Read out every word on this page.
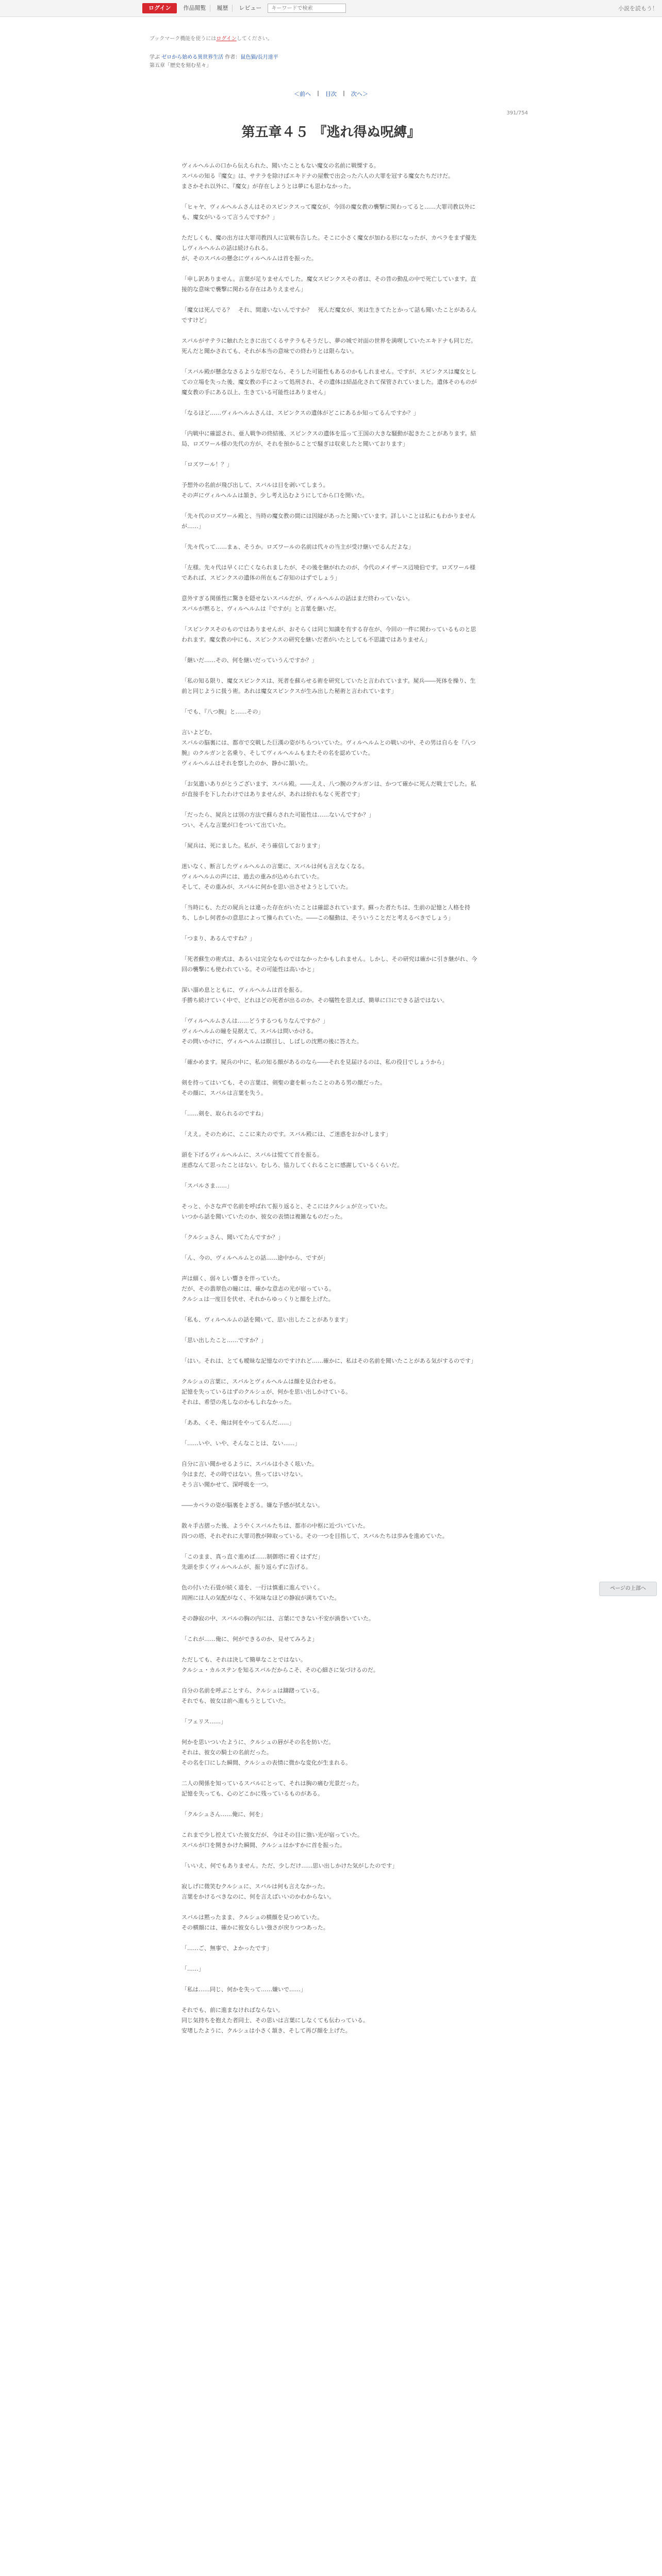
ログイン	作品閲覧	履歴	レビュー
キーワードで検索	小説を読もう！
ブックマーク機能を使うにはログインしてください。
学ぶ ゼロから始める異世界生活 作者：鼠色猫/長月達平
第五章「歴史を刻む星々」
＜前へ | 目次 | 次へ＞
391/754
第五章４５ 『逃れ得ぬ呪縛』

ヴィルヘルムの口から伝えられた、聞いたこともない魔女の名前に戦慄する。
スバルの知る『魔女』は、サテラを除けばエキドナの屋敷で出会った六人の大罪を冠する魔女たちだけだ。
まさかそれ以外に、『魔女』が存在しようとは夢にも思わなかった。

「ヒャヤ、ヴィルヘルムさんはそのスピンクスって魔女が、今回の魔女教の襲撃に関わってると……大罪司教以外にも、魔女がいるって言うんですか？」

ただしくも、魔の出方は大罪司教四人に宣戦布告した。そこに小さく魔女が加わる形になったが、カペラをまず優先しヴィルヘルムの話は続けられる。
が、そのスバルの懸念にヴィルヘルムは首を振った。

「申し訳ありません。言葉が足りませんでした。魔女スピンクスその者は、その昔の動乱の中で死亡しています。直接的な意味で襲撃に関わる存在はありえません」

「魔女は死んでる？　それ、間違いないんですか？　死んだ魔女が、実は生きてたとかって話も聞いたことがあるんですけど」

スバルがサテラに触れたときに出てくるサテラもそうだし、夢の城で対面の世界を満喫していたエキドナも同じだ。
死んだと聞かされても、それが本当の意味での終わりとは限らない。

「スバル殿が懸念なさるような形でなら、そうした可能性もあるのかもしれません。ですが、スピンクスは魔女としての立場を失った後、魔女教の手によって処刑され、その遺体は結晶化されて保管されていました。遺体そのものが魔女教の手にある以上、生きている可能性はありません」

「なるほど……ヴィルヘルムさんは、スピンクスの遺体がどこにあるか知ってるんですか？」

「内戦中に確認され、亜人戦争の終結後、スピンクスの遺体を巡って王国の大きな騒動が起きたことがあります。結局、ロズワール様の先代の方が、それを預かることで騒ぎは収束したと聞いております」

「ロズワール！？」

予想外の名前が飛び出して、スバルは目を剥いてしまう。
その声にヴィルヘルムは頷き、少し考え込むようにしてから口を開いた。

「先々代のロズワール殿と、当時の魔女教の間には因縁があったと聞いています。詳しいことは私にもわかりませんが……」

「先々代って……まぁ、そうか。ロズワールの名前は代々の当主が受け継いでるんだよな」

「左様。先々代は早くに亡くなられましたが、その後を継がれたのが、今代のメイザース辺境伯です。ロズワール様であれば、スピンクスの遺体の所在もご存知のはずでしょう」

意外すぎる関係性に驚きを隠せないスバルだが、ヴィルヘルムの話はまだ終わっていない。
スバルが黙ると、ヴィルヘルムは『ですが』と言葉を継いだ。

「スピンクスそのものではありませんが、おそらくは同じ知識を有する存在が、今回の一件に関わっているものと思われます。魔女教の中にも、スピンクスの研究を継いだ者がいたとしても不思議ではありません」

「継いだ……その、何を継いだっていうんですか？」

「私の知る限り、魔女スピンクスは、死者を蘇らせる術を研究していたと言われています。屍兵――死体を操り、生前と同じように扱う術。あれは魔女スピンクスが生み出した秘術と言われています」

「でも、『八つ腕』と……その」

言いよどむ。
スバルの脳裏には、都市で交戦した巨漢の姿がちらついていた。ヴィルヘルムとの戦いの中、その男は自らを『八つ腕』のクルガンと名乗り、そしてヴィルヘルムもまたその名を認めていた。
ヴィルヘルムはそれを察したのか、静かに頷いた。

「お気遣いありがとうございます、スバル殿。――ええ、八つ腕のクルガンは、かつて確かに死んだ戦士でした。私が直接手を下したわけではありませんが、あれは紛れもなく死者です」

「だったら、屍兵とは別の方法で蘇らされた可能性は……ないんですか？」
つい、そんな言葉が口をついて出ていた。

「屍兵は、死にました。私が、そう確信しております」

迷いなく、断言したヴィルヘルムの言葉に、スバルは何も言えなくなる。
ヴィルヘルムの声には、過去の重みが込められていた。
そして、その重みが、スバルに何かを思い出させようとしていた。

「当時にも、ただの屍兵とは違った存在がいたことは確認されています。蘇った者たちは、生前の記憶と人格を持ち、しかし何者かの意思によって操られていた。――この騒動は、そういうことだと考えるべきでしょう」

「つまり、あるんですね？」

「死者蘇生の術式は、あるいは完全なものではなかったかもしれません。しかし、その研究は確かに引き継がれ、今回の襲撃にも使われている。その可能性は高いかと」

深い溜め息とともに、ヴィルヘルムは首を振る。
手勝ち続けていく中で、どれほどの死者が出るのか。その犠牲を思えば、簡単に口にできる話ではない。

「ヴィルヘルムさんは……どうするつもりなんですか？」
ヴィルヘルムの瞳を見据えて、スバルは問いかける。
その問いかけに、ヴィルヘルムは瞑目し、しばしの沈黙の後に答えた。

「確かめます。屍兵の中に、私の知る顔があるのなら――それを見届けるのは、私の役目でしょうから」

剣を持ってはいても、その言葉は、剣聖の妻を斬ったことのある男の顔だった。
その顔に、スバルは言葉を失う。

「……剣を、取られるのですね」

「ええ。そのために、ここに来たのです。スバル殿には、ご迷惑をおかけします」

頭を下げるヴィルヘルムに、スバルは慌てて首を振る。
迷惑なんて思ったことはない。むしろ、協力してくれることに感謝しているくらいだ。

「スバルさま……」

そっと、小さな声で名前を呼ばれて振り返ると、そこにはクルシュが立っていた。
いつから話を聞いていたのか、彼女の表情は複雑なものだった。

「クルシュさん、聞いてたんですか？」

「ん、今の、ヴィルヘルムとの話……途中から、ですが」

声は細く、弱々しい響きを伴っていた。
だが、その翡翠色の瞳には、確かな意志の光が宿っている。
クルシュは一度目を伏せ、それからゆっくりと顔を上げた。

「私も、ヴィルヘルムの話を聞いて、思い出したことがあります」

「思い出したこと……ですか？」

「はい。それは、とても曖昧な記憶なのですけれど……確かに、私はその名前を聞いたことがある気がするのです」

クルシュの言葉に、スバルとヴィルヘルムは顔を見合わせる。
記憶を失っているはずのクルシュが、何かを思い出しかけている。
それは、希望の兆しなのかもしれなかった。

「ああ、くそ、俺は何をやってるんだ……」

「……いや、いや、そんなことは、ない……」

自分に言い聞かせるように、スバルは小さく呟いた。
今はまだ、その時ではない。焦ってはいけない。
そう言い聞かせて、深呼吸を一つ。

――カペラの姿が脳裏をよぎる。嫌な予感が拭えない。

散々手古摺った後、ようやくスバルたちは、都市の中枢に近づいていた。
四つの塔、それぞれに大罪司教が陣取っている。その一つを目指して、スバルたちは歩みを進めていた。

「このまま、真っ直ぐ進めば……制御塔に着くはずだ」
先頭を歩くヴィルヘルムが、振り返らずに告げる。

色の付いた石畳が続く道を、一行は慎重に進んでいく。
周囲には人の気配がなく、不気味なほどの静寂が満ちていた。

その静寂の中、スバルの胸の内には、言葉にできない不安が渦巻いていた。

「これが……俺に、何ができるのか、見せてみろよ」

ただしても、それは決して簡単なことではない。
クルシュ・カルステンを知るスバルだからこそ、その心細さに気づけるのだ。

自分の名前を呼ぶことすら、クルシュは躊躇っている。
それでも、彼女は前へ進もうとしていた。

「フェリス……」

何かを思いついたように、クルシュの唇がその名を紡いだ。
それは、彼女の騎士の名前だった。
その名を口にした瞬間、クルシュの表情に微かな変化が生まれる。

二人の関係を知っているスバルにとって、それは胸の痛む光景だった。
記憶を失っても、心のどこかに残っているものがある。

「クルシュさん……俺に、何を」

これまで少し控えていた彼女だが、今はその目に強い光が宿っていた。
スバルが口を開きかけた瞬間、クルシュはかすかに首を振った。

「いいえ、何でもありません。ただ、少しだけ……思い出しかけた気がしたのです」

寂しげに微笑むクルシュに、スバルは何も言えなかった。
言葉をかけるべきなのに、何を言えばいいのかわからない。

スバルは黙ったまま、クルシュの横顔を見つめていた。
その横顔には、確かに彼女らしい強さが戻りつつあった。

「……ご、無事で、よかったです」

「……」

「私は……同じ、何かを失って……嫌いで……」

それでも、前に進まなければならない。
同じ気持ちを抱えた者同士、その思いは言葉にしなくても伝わっている。
安堵したように、クルシュは小さく頷き、そして再び顔を上げた。

ページの上部へ
